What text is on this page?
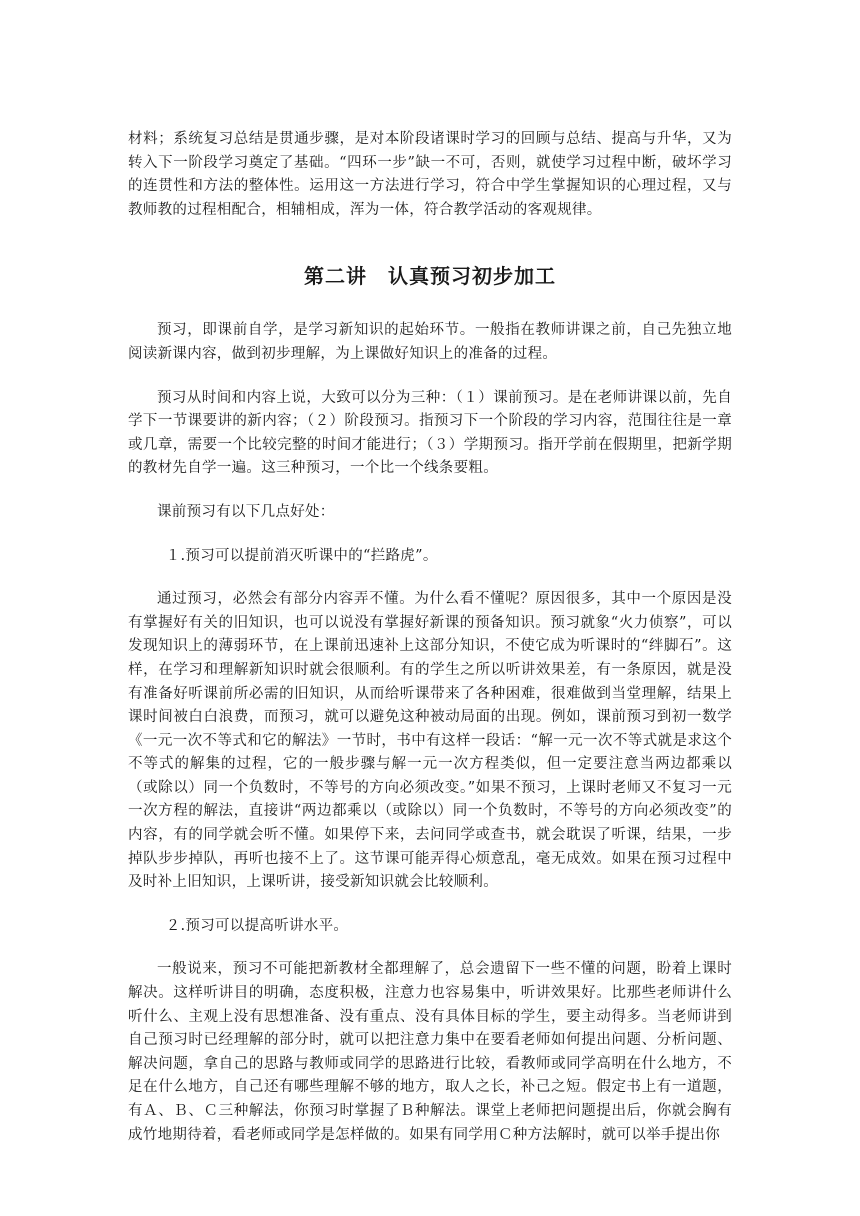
材料；系统复习总结是贯通步骤，是对本阶段诸课时学习的回顾与总结、提高与升华，又为转入下一阶段学习奠定了基础。“四环一步”缺一不可，否则，就使学习过程中断，破坏学习的连贯性和方法的整体性。运用这一方法进行学习，符合中学生掌握知识的心理过程，又与教师教的过程相配合，相辅相成，浑为一体，符合教学活动的客观规律。

第二讲　认真预习初步加工

预习，即课前自学，是学习新知识的起始环节。一般指在教师讲课之前，自己先独立地阅读新课内容，做到初步理解，为上课做好知识上的准备的过程。

预习从时间和内容上说，大致可以分为三种：（１）课前预习。是在老师讲课以前，先自学下一节课要讲的新内容；（２）阶段预习。指预习下一个阶段的学习内容，范围往往是一章或几章，需要一个比较完整的时间才能进行；（３）学期预习。指开学前在假期里，把新学期的教材先自学一遍。这三种预习，一个比一个线条要粗。

课前预习有以下几点好处：

１.预习可以提前消灭听课中的“拦路虎”。

通过预习，必然会有部分内容弄不懂。为什么看不懂呢？原因很多，其中一个原因是没有掌握好有关的旧知识，也可以说没有掌握好新课的预备知识。预习就象“火力侦察”，可以发现知识上的薄弱环节，在上课前迅速补上这部分知识，不使它成为听课时的“绊脚石”。这样，在学习和理解新知识时就会很顺利。有的学生之所以听讲效果差，有一条原因，就是没有准备好听课前所必需的旧知识，从而给听课带来了各种困难，很难做到当堂理解，结果上课时间被白白浪费，而预习，就可以避免这种被动局面的出现。例如，课前预习到初一数学《一元一次不等式和它的解法》一节时，书中有这样一段话：“解一元一次不等式就是求这个不等式的解集的过程，它的一般步骤与解一元一次方程类似，但一定要注意当两边都乘以（或除以）同一个负数时，不等号的方向必须改变。”如果不预习，上课时老师又不复习一元一次方程的解法，直接讲“两边都乘以（或除以）同一个负数时，不等号的方向必须改变”的内容，有的同学就会听不懂。如果停下来，去问同学或查书，就会耽误了听课，结果，一步掉队步步掉队，再听也接不上了。这节课可能弄得心烦意乱，毫无成效。如果在预习过程中及时补上旧知识，上课听讲，接受新知识就会比较顺利。

２.预习可以提高听讲水平。

一般说来，预习不可能把新教材全都理解了，总会遗留下一些不懂的问题，盼着上课时解决。这样听讲目的明确，态度积极，注意力也容易集中，听讲效果好。比那些老师讲什么听什么、主观上没有思想准备、没有重点、没有具体目标的学生，要主动得多。当老师讲到自己预习时已经理解的部分时，就可以把注意力集中在要看老师如何提出问题、分析问题、解决问题，拿自己的思路与教师或同学的思路进行比较，看教师或同学高明在什么地方，不足在什么地方，自己还有哪些理解不够的地方，取人之长，补己之短。假定书上有一道题，有Ａ、Ｂ、Ｃ三种解法，你预习时掌握了Ｂ种解法。课堂上老师把问题提出后，你就会胸有成竹地期待着，看老师或同学是怎样做的。如果有同学用Ｃ种方法解时，就可以举手提出你
